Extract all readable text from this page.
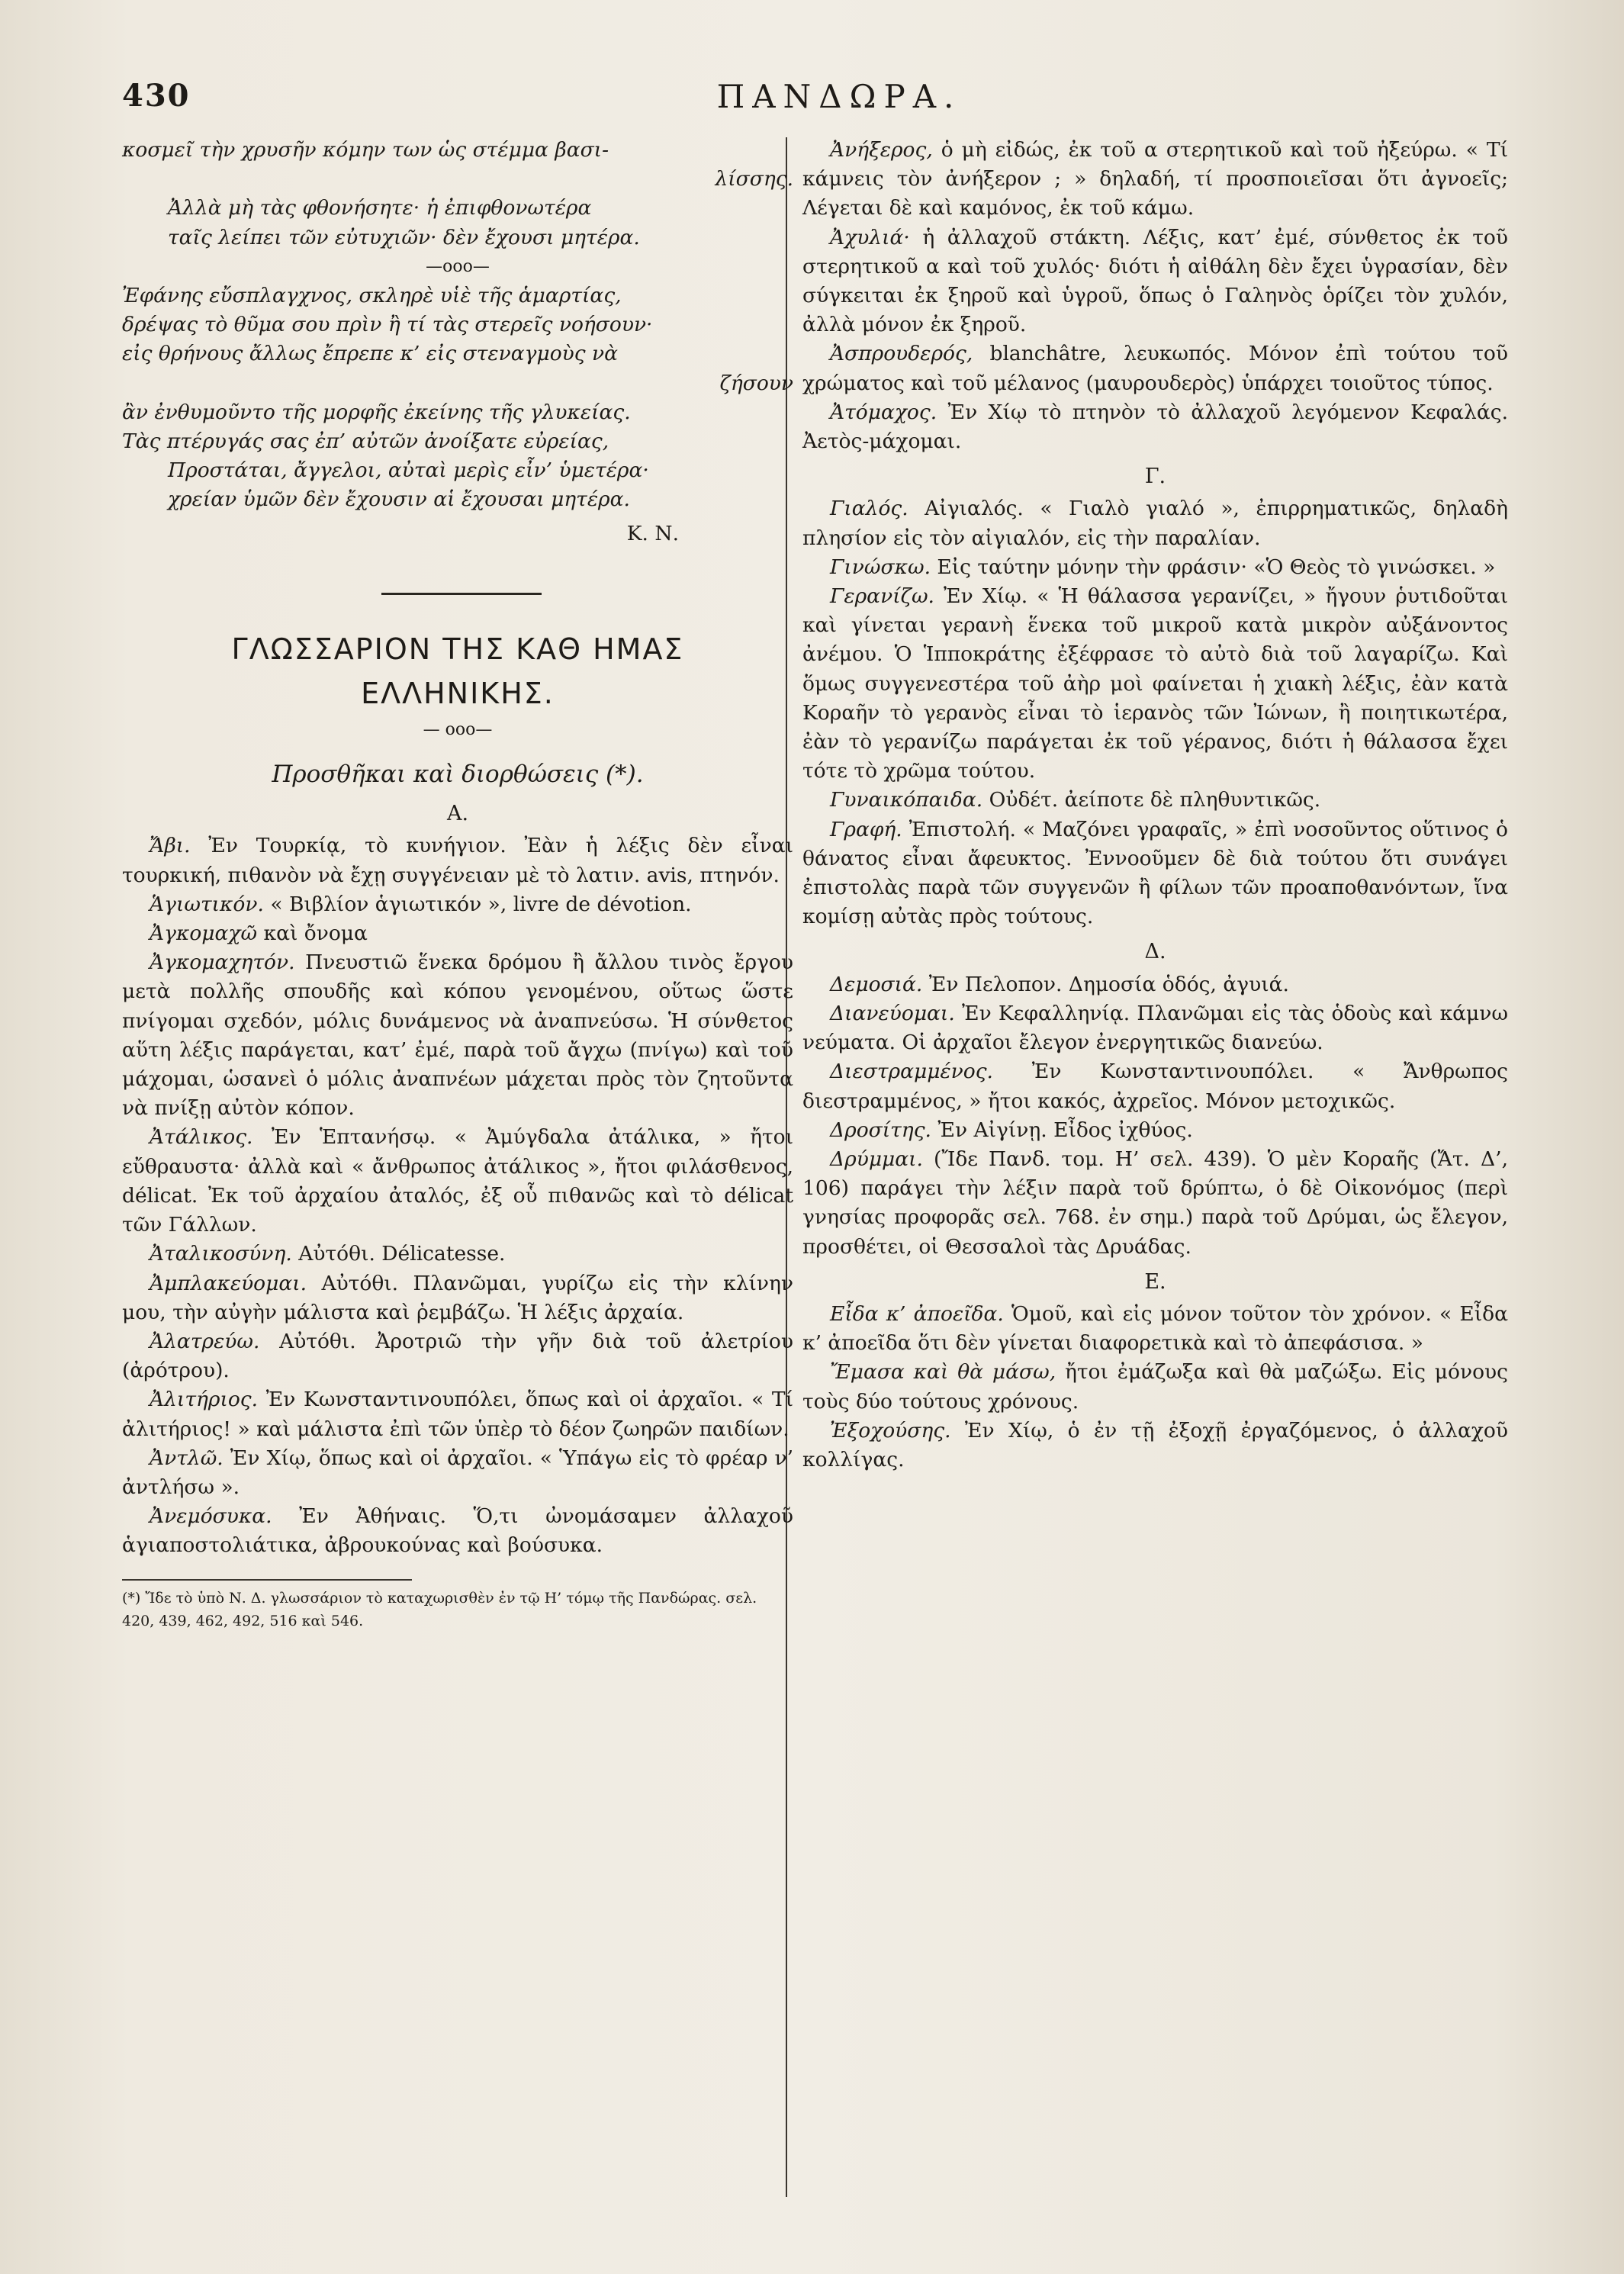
430	ΠΑΝΔΩΡΑ.

κοσμεῖ τὴν χρυσῆν κόμην των ὡς στέμμα βασι-

λίσσης.

Ἀλλὰ μὴ τὰς φθονήσητε· ἡ ἐπιφθονωτέρα

ταῖς λείπει τῶν εὐτυχιῶν· δὲν ἔχουσι μητέρα.

—οοο—

Ἐφάνης εὔσπλαγχνος, σκληρὲ υἱὲ τῆς ἁμαρτίας,

δρέψας τὸ θῦμα σου πρὶν ἢ τί τὰς στερεῖς νοήσουν·

εἰς θρήνους ἄλλως ἔπρεπε κ’ εἰς στεναγμοὺς νὰ

ζήσουν

ἂν ἐνθυμοῦντο τῆς μορφῆς ἐκείνης τῆς γλυκείας.

Τὰς πτέρυγάς σας ἐπ’ αὐτῶν ἀνοίξατε εὐρείας,

Προστάται, ἄγγελοι, αὐταὶ μερὶς εἶν’ ὑμετέρα·

χρείαν ὑμῶν δὲν ἔχουσιν αἱ ἔχουσαι μητέρα.

Κ. Ν.

ΓΛΩΣΣΑΡΙΟΝ ΤΗΣ ΚΑΘ ΗΜΑΣ

ΕΛΛΗΝΙΚΗΣ.

— οοο—

Προσθῆκαι καὶ διορθώσεις (*).

Α.

Ἄβι. Ἐν Τουρκίᾳ, τὸ κυνήγιον. Ἐὰν ἡ λέξις δὲν εἶναι τουρκική, πιθανὸν νὰ ἔχῃ συγγένειαν μὲ τὸ λατιν. avis, πτηνόν.

Ἁγιωτικόν. « Βιβλίον ἁγιωτικόν », livre de dévotion.

Ἀγκομαχῶ καὶ ὄνομα

Ἀγκομαχητόν. Πνευστιῶ ἕνεκα δρόμου ἢ ἄλλου τινὸς ἔργου μετὰ πολλῆς σπουδῆς καὶ κόπου γενομένου, οὕτως ὥστε πνίγομαι σχεδόν, μόλις δυνάμενος νὰ ἀναπνεύσω. Ἡ σύνθετος αὕτη λέξις παράγεται, κατ’ ἐμέ, παρὰ τοῦ ἄγχω (πνίγω) καὶ τοῦ μάχομαι, ὡσανεὶ ὁ μόλις ἀναπνέων μάχεται πρὸς τὸν ζητοῦντα νὰ πνίξῃ αὐτὸν κόπον.

Ἀτάλικος. Ἐν Ἑπτανήσῳ. « Ἀμύγδαλα ἀτάλικα, » ἤτοι εὔθραυστα· ἀλλὰ καὶ « ἄνθρωπος ἀτάλικος », ἤτοι φιλάσθενος, délicat. Ἐκ τοῦ ἀρχαίου ἀταλός, ἐξ οὗ πιθανῶς καὶ τὸ délicat τῶν Γάλλων.

Ἀταλικοσύνη. Αὐτόθι. Délicatesse.

Ἀμπλακεύομαι. Αὐτόθι. Πλανῶμαι, γυρίζω εἰς τὴν κλίνην μου, τὴν αὐγὴν μάλιστα καὶ ῥεμβάζω. Ἡ λέξις ἀρχαία.

Ἀλατρεύω. Αὐτόθι. Ἀροτριῶ τὴν γῆν διὰ τοῦ ἀλετρίου (ἀρότρου).

Ἀλιτήριος. Ἐν Κωνσταντινουπόλει, ὅπως καὶ οἱ ἀρχαῖοι. « Τί ἀλιτήριος! » καὶ μάλιστα ἐπὶ τῶν ὑπὲρ τὸ δέον ζωηρῶν παιδίων.

Ἀντλῶ. Ἐν Χίῳ, ὅπως καὶ οἱ ἀρχαῖοι. « Ὑπάγω εἰς τὸ φρέαρ ν’ ἀντλήσω ».

Ἀνεμόσυκα. Ἐν Ἀθήναις. Ὅ,τι ὠνομάσαμεν ἀλλαχοῦ ἁγιαποστολιάτικα, ἀβρουκούνας καὶ βούσυκα.

(*) Ἴδε τὸ ὑπὸ Ν. Δ. γλωσσάριον τὸ καταχωρισθὲν ἐν τῷ Η’ τόμῳ τῆς Πανδώρας. σελ. 420, 439, 462, 492, 516 καὶ 546.

Ἀνήξερος, ὁ μὴ εἰδώς, ἐκ τοῦ α στερητικοῦ καὶ τοῦ ἠξεύρω. « Τί κάμνεις τὸν ἀνήξερον ; » δηλαδή, τί προσποιεῖσαι ὅτι ἀγνοεῖς; Λέγεται δὲ καὶ καμόνος, ἐκ τοῦ κάμω.

Ἀχυλιά· ἡ ἀλλαχοῦ στάκτη. Λέξις, κατ’ ἐμέ, σύνθετος ἐκ τοῦ στερητικοῦ α καὶ τοῦ χυλός· διότι ἡ αἰθάλη δὲν ἔχει ὑγρασίαν, δὲν σύγκειται ἐκ ξηροῦ καὶ ὑγροῦ, ὅπως ὁ Γαληνὸς ὁρίζει τὸν χυλόν, ἀλλὰ μόνον ἐκ ξηροῦ.

Ἀσπρουδερός, blanchâtre, λευκωπός. Μόνον ἐπὶ τούτου τοῦ χρώματος καὶ τοῦ μέλανος (μαυρουδερὸς) ὑπάρχει τοιοῦτος τύπος.

Ἀτόμαχος. Ἐν Χίῳ τὸ πτηνὸν τὸ ἀλλαχοῦ λεγόμενον Κεφαλάς. Ἀετὸς-μάχομαι.

Γ.

Γιαλός. Αἰγιαλός. « Γιαλὸ γιαλό », ἐπιρρηματικῶς, δηλαδὴ πλησίον εἰς τὸν αἰγιαλόν, εἰς τὴν παραλίαν.

Γινώσκω. Εἰς ταύτην μόνην τὴν φράσιν· «Ὁ Θεὸς τὸ γινώσκει. »

Γερανίζω. Ἐν Χίῳ. « Ἡ θάλασσα γερανίζει, » ἤγουν ῥυτιδοῦται καὶ γίνεται γερανὴ ἕνεκα τοῦ μικροῦ κατὰ μικρὸν αὐξάνοντος ἀνέμου. Ὁ Ἱπποκράτης ἐξέφρασε τὸ αὐτὸ διὰ τοῦ λαγαρίζω. Καὶ ὅμως συγγενεστέρα τοῦ ἀὴρ μοὶ φαίνεται ἡ χιακὴ λέξις, ἐὰν κατὰ Κοραῆν τὸ γερανὸς εἶναι τὸ ἱερανὸς τῶν Ἰώνων, ἢ ποιητικωτέρα, ἐὰν τὸ γερανίζω παράγεται ἐκ τοῦ γέρανος, διότι ἡ θάλασσα ἔχει τότε τὸ χρῶμα τούτου.

Γυναικόπαιδα. Οὐδέτ. ἀείποτε δὲ πληθυντικῶς.

Γραφή. Ἐπιστολή. « Μαζόνει γραφαῖς, » ἐπὶ νοσοῦντος οὕτινος ὁ θάνατος εἶναι ἄφευκτος. Ἐννοοῦμεν δὲ διὰ τούτου ὅτι συνάγει ἐπιστολὰς παρὰ τῶν συγγενῶν ἢ φίλων τῶν προαποθανόντων, ἵνα κομίσῃ αὐτὰς πρὸς τούτους.

Δ.

Δεμοσιά. Ἐν Πελοπον. Δημοσία ὁδός, ἀγυιά.

Διανεύομαι. Ἐν Κεφαλληνίᾳ. Πλανῶμαι εἰς τὰς ὁδοὺς καὶ κάμνω νεύματα. Οἱ ἀρχαῖοι ἔλεγον ἐνεργητικῶς διανεύω.

Διεστραμμένος. Ἐν Κωνσταντινουπόλει. « Ἄνθρωπος διεστραμμένος, » ἤτοι κακός, ἀχρεῖος. Μόνον μετοχικῶς.

Δροσίτης. Ἐν Αἰγίνῃ. Εἶδος ἰχθύος.

Δρύμμαι. (Ἴδε Πανδ. τομ. Η’ σελ. 439). Ὁ μὲν Κοραῆς (Ἄτ. Δ’, 106) παράγει τὴν λέξιν παρὰ τοῦ δρύπτω, ὁ δὲ Οἰκονόμος (περὶ γνησίας προφορᾶς σελ. 768. ἐν σημ.) παρὰ τοῦ Δρύμαι, ὡς ἔλεγον, προσθέτει, οἱ Θεσσαλοὶ τὰς Δρυάδας.

Ε.

Εἶδα κ’ ἀποεῖδα. Ὁμοῦ, καὶ εἰς μόνον τοῦτον τὸν χρόνον. « Εἶδα κ’ ἀποεῖδα ὅτι δὲν γίνεται διαφορετικὰ καὶ τὸ ἀπεφάσισα. »

Ἔμασα καὶ θὰ μάσω, ἤτοι ἐμάζωξα καὶ θὰ μαζώξω. Εἰς μόνους τοὺς δύο τούτους χρόνους.

Ἐξοχούσης. Ἐν Χίῳ, ὁ ἐν τῇ ἐξοχῇ ἐργαζόμενος, ὁ ἀλλαχοῦ κολλίγας.
